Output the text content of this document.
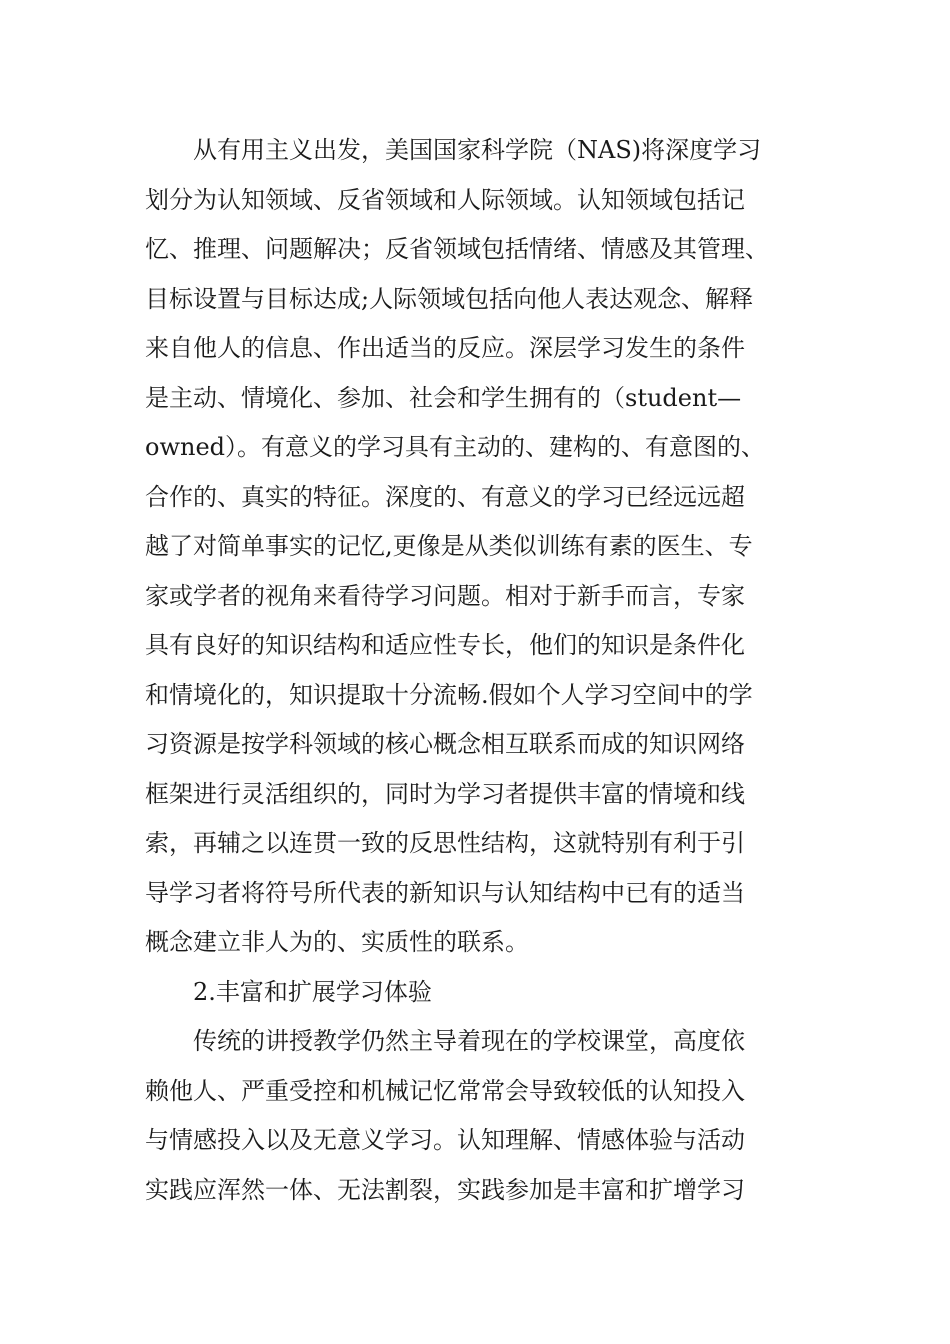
从有用主义出发，美国国家科学院（NAS)将深度学习
划分为认知领域、反省领域和人际领域。认知领域包括记
忆、推理、问题解决；反省领域包括情绪、情感及其管理、
目标设置与目标达成;人际领域包括向他人表达观念、解释
来自他人的信息、作出适当的反应。深层学习发生的条件
是主动、情境化、参加、社会和学生拥有的（student—
owned）。有意义的学习具有主动的、建构的、有意图的、
合作的、真实的特征。深度的、有意义的学习已经远远超
越了对简单事实的记忆,更像是从类似训练有素的医生、专
家或学者的视角来看待学习问题。相对于新手而言，专家
具有良好的知识结构和适应性专长，他们的知识是条件化
和情境化的，知识提取十分流畅.假如个人学习空间中的学
习资源是按学科领域的核心概念相互联系而成的知识网络
框架进行灵活组织的，同时为学习者提供丰富的情境和线
索，再辅之以连贯一致的反思性结构，这就特别有利于引
导学习者将符号所代表的新知识与认知结构中已有的适当
概念建立非人为的、实质性的联系。
2.丰富和扩展学习体验
传统的讲授教学仍然主导着现在的学校课堂，高度依
赖他人、严重受控和机械记忆常常会导致较低的认知投入
与情感投入以及无意义学习。认知理解、情感体验与活动
实践应浑然一体、无法割裂，实践参加是丰富和扩增学习
